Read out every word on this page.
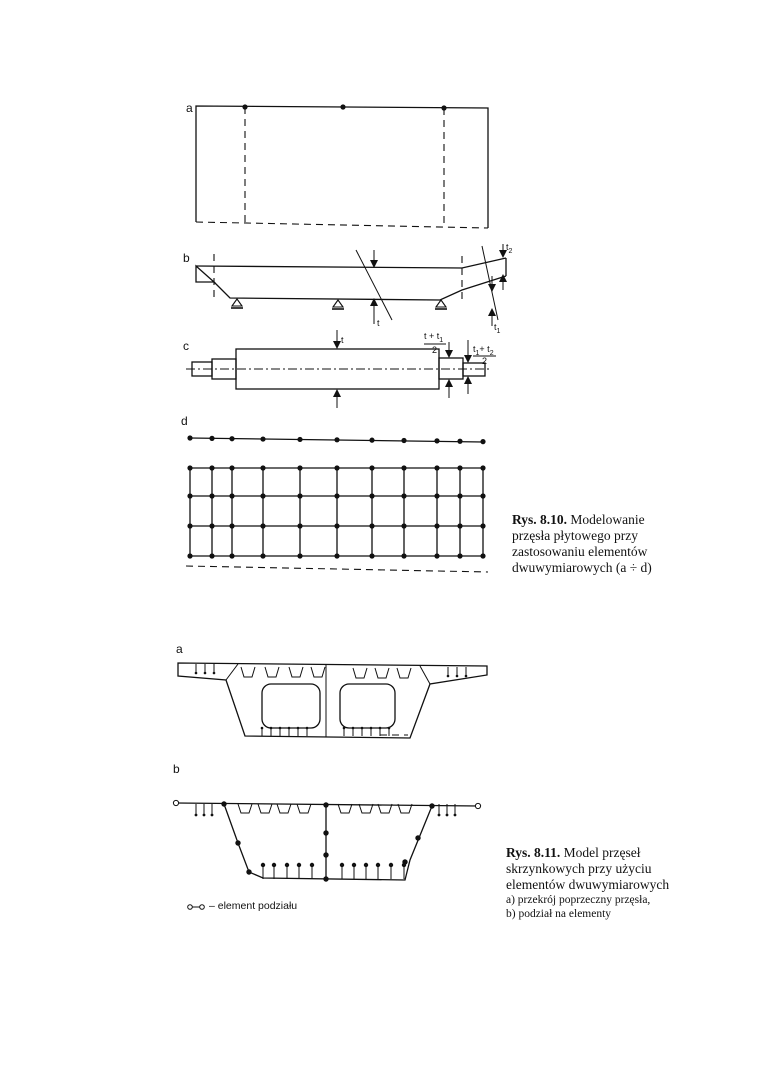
a
b
t
$t_2$
$t_1$
c	t	$t + t_1$
2	$t_1+ t_2$
2
d
a
b
Rys. 8.10. Modelowanie
przęsła płytowego przy
zastosowaniu elementów
dwuwymiarowych (a ÷ d)
– element podziału
Rys. 8.11. Model przęseł
skrzynkowych przy użyciu
elementów dwuwymiarowych
a) przekrój poprzeczny przęsła,
b) podział na elementy
